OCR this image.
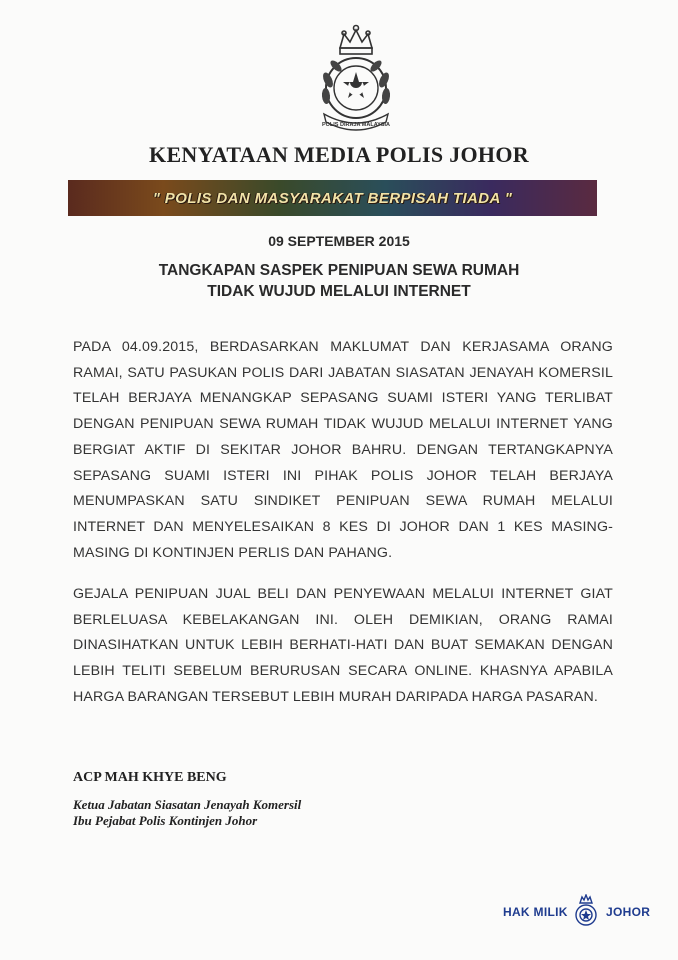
POLIS DIRAJA MALAYSIA
KENYATAAN MEDIA POLIS JOHOR
" POLIS DAN MASYARAKAT BERPISAH TIADA "
09 SEPTEMBER 2015
TANGKAPAN SASPEK PENIPUAN SEWA RUMAH
TIDAK WUJUD MELALUI INTERNET
PADA 04.09.2015, BERDASARKAN MAKLUMAT DAN KERJASAMA ORANG RAMAI, SATU PASUKAN POLIS DARI JABATAN SIASATAN JENAYAH KOMERSIL TELAH BERJAYA MENANGKAP SEPASANG SUAMI ISTERI YANG TERLIBAT DENGAN PENIPUAN SEWA RUMAH TIDAK WUJUD MELALUI INTERNET YANG BERGIAT AKTIF DI SEKITAR JOHOR BAHRU. DENGAN TERTANGKAPNYA SEPASANG SUAMI ISTERI INI PIHAK POLIS JOHOR TELAH BERJAYA MENUMPASKAN SATU SINDIKET PENIPUAN SEWA RUMAH MELALUI INTERNET DAN MENYELESAIKAN 8 KES DI JOHOR DAN 1 KES MASING-MASING DI KONTINJEN PERLIS DAN PAHANG.
GEJALA PENIPUAN JUAL BELI DAN PENYEWAAN MELALUI INTERNET GIAT BERLELUASA KEBELAKANGAN INI. OLEH DEMIKIAN, ORANG RAMAI DINASIHATKAN UNTUK LEBIH BERHATI-HATI DAN BUAT SEMAKAN DENGAN LEBIH TELITI SEBELUM BERURUSAN SECARA ONLINE. KHASNYA APABILA HARGA BARANGAN TERSEBUT LEBIH MURAH DARIPADA HARGA PASARAN.
ACP MAH KHYE BENG
Ketua Jabatan Siasatan Jenayah Komersil
Ibu Pejabat Polis Kontinjen Johor
HAK MILIK	JOHOR
